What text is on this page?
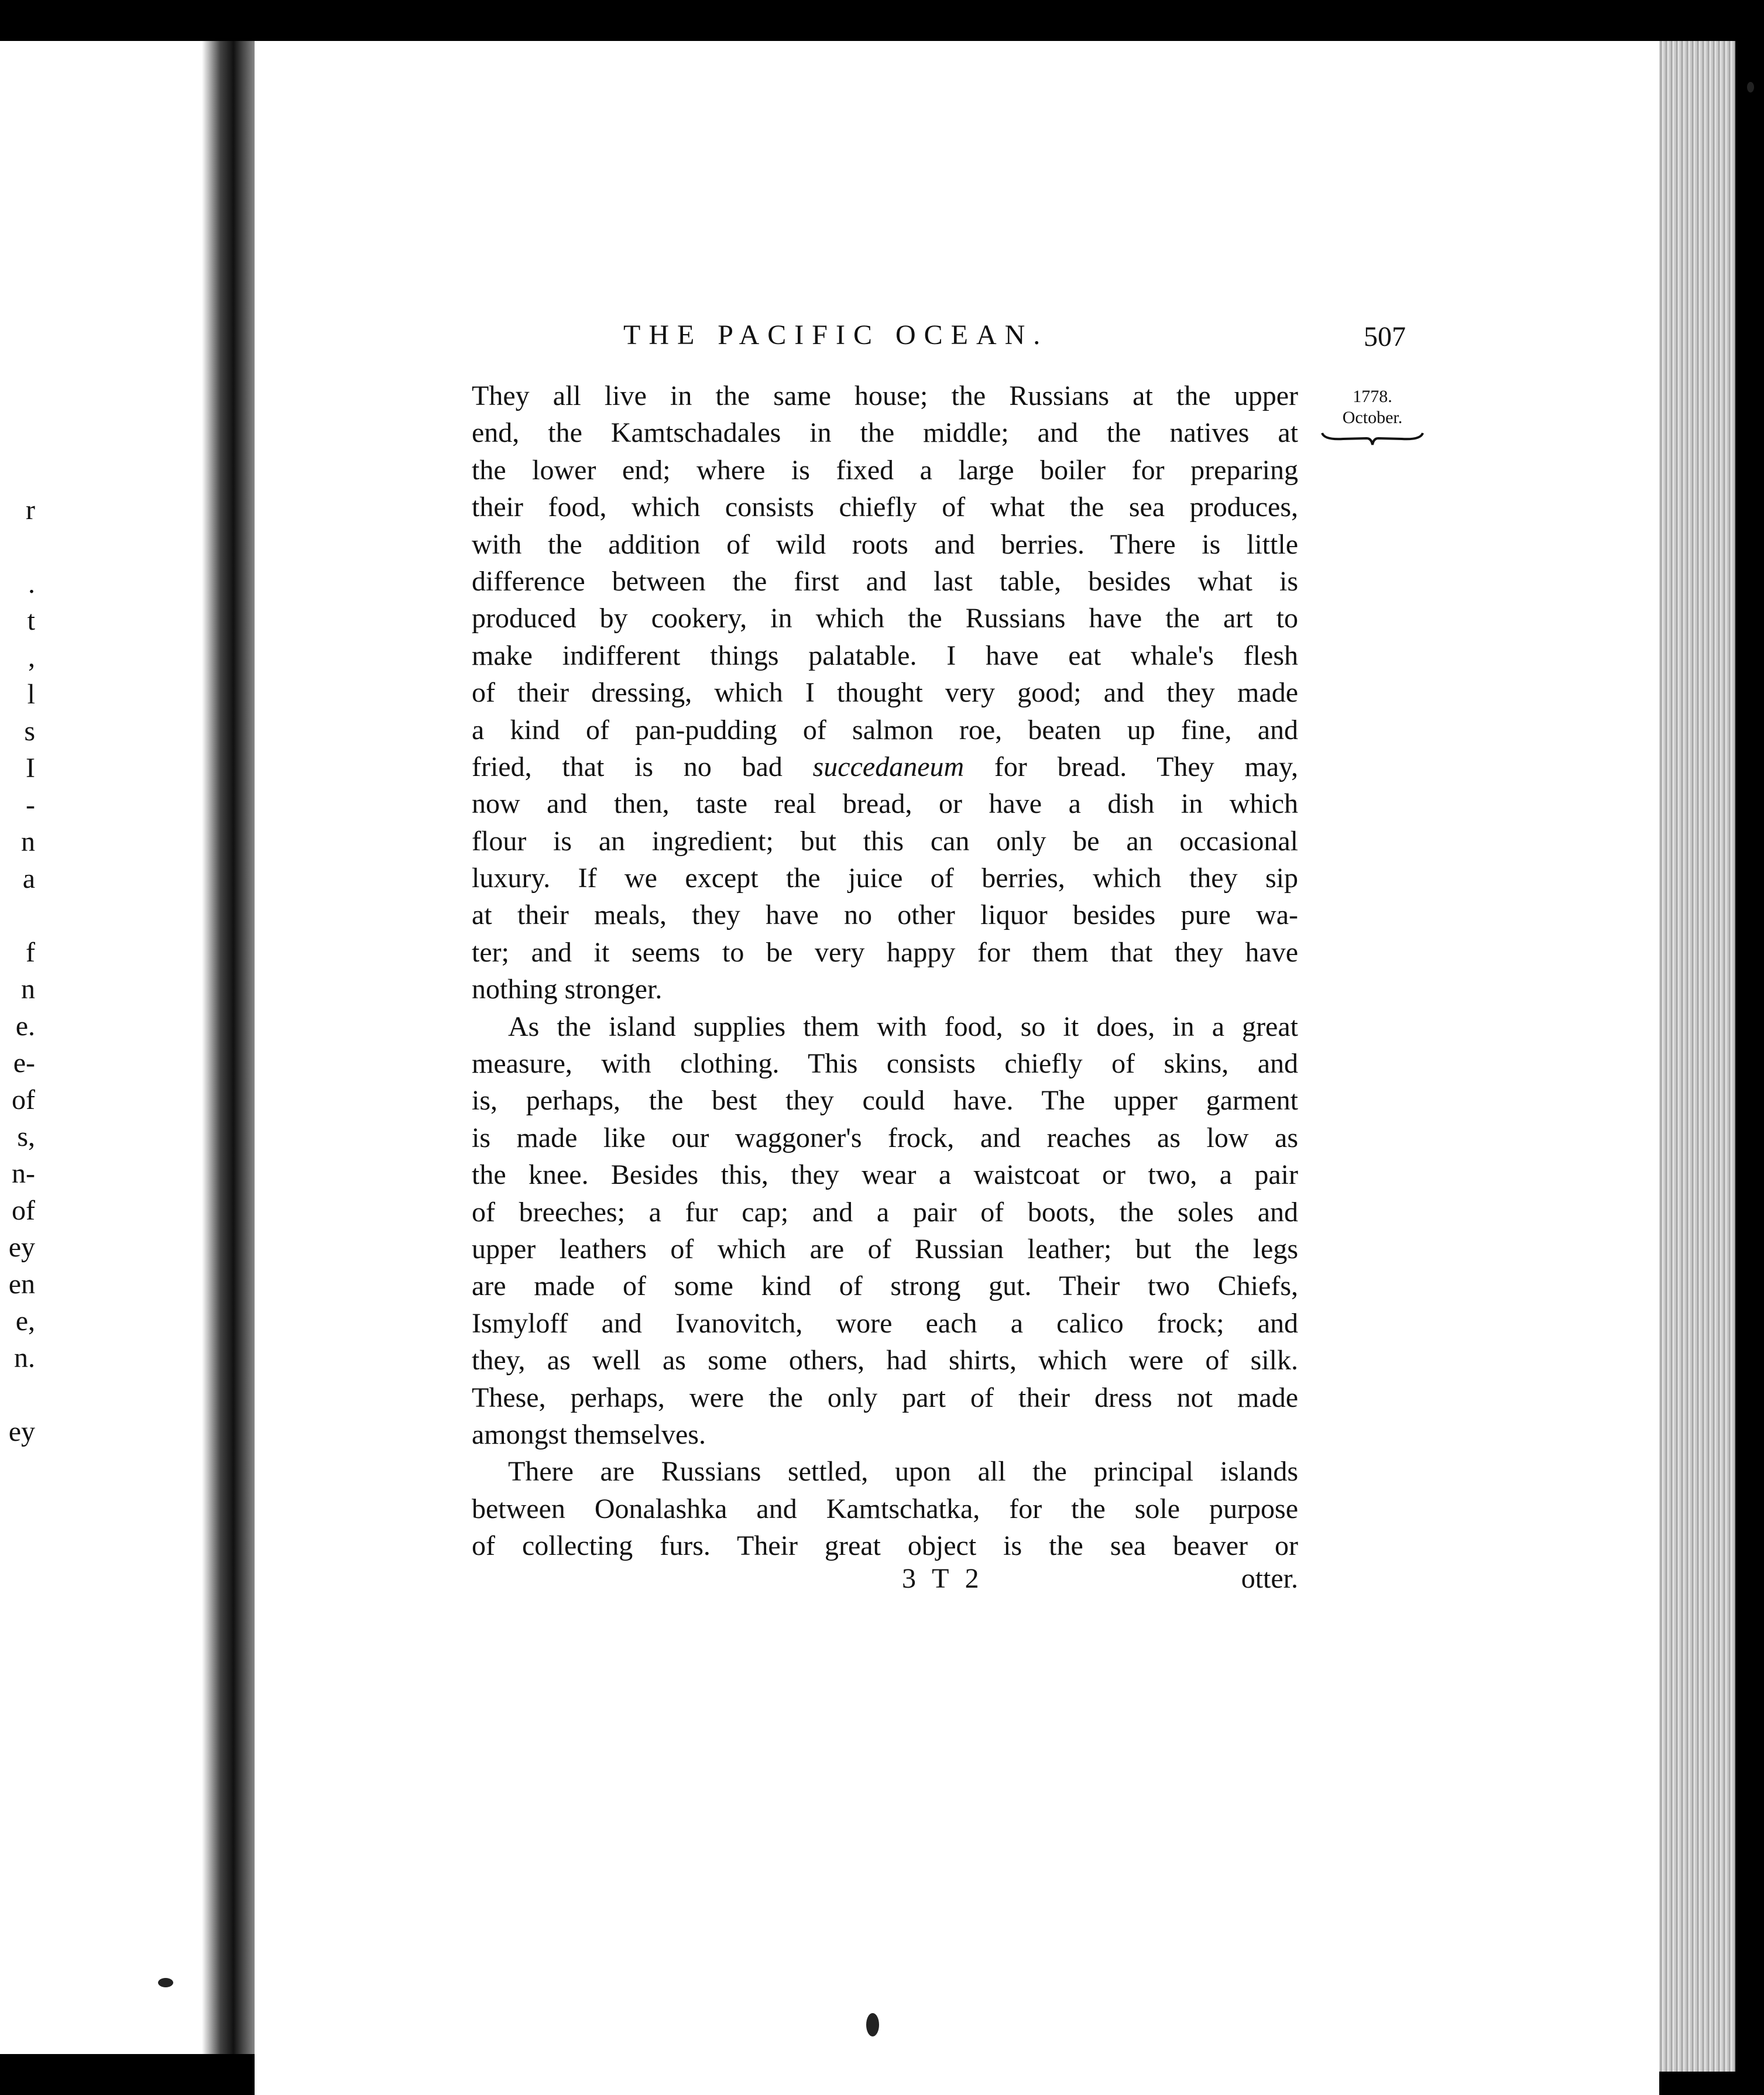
r
.
t
,
l
s
I
-
n
a
f
n
e.
e-
of
s,
n-
of
ey
en
e,
n.
ey
THE PACIFIC OCEAN.	507
1778.
October.
They all live in the same house; the Russians at the upper
end, the Kamtschadales in the middle; and the natives at
the lower end; where is fixed a large boiler for preparing
their food, which consists chiefly of what the sea produces,
with the addition of wild roots and berries. There is little
difference between the first and last table, besides what is
produced by cookery, in which the Russians have the art to
make indifferent things palatable. I have eat whale's flesh
of their dressing, which I thought very good; and they made
a kind of pan-pudding of salmon roe, beaten up fine, and
fried, that is no bad succedaneum for bread. They may,
now and then, taste real bread, or have a dish in which
flour is an ingredient; but this can only be an occasional
luxury. If we except the juice of berries, which they sip
at their meals, they have no other liquor besides pure wa-
ter; and it seems to be very happy for them that they have
nothing stronger.
As the island supplies them with food, so it does, in a great
measure, with clothing. This consists chiefly of skins, and
is, perhaps, the best they could have. The upper garment
is made like our waggoner's frock, and reaches as low as
the knee. Besides this, they wear a waistcoat or two, a pair
of breeches; a fur cap; and a pair of boots, the soles and
upper leathers of which are of Russian leather; but the legs
are made of some kind of strong gut. Their two Chiefs,
Ismyloff and Ivanovitch, wore each a calico frock; and
they, as well as some others, had shirts, which were of silk.
These, perhaps, were the only part of their dress not made
amongst themselves.
There are Russians settled, upon all the principal islands
between Oonalashka and Kamtschatka, for the sole purpose
of collecting furs. Their great object is the sea beaver or
3 T 2	otter.
